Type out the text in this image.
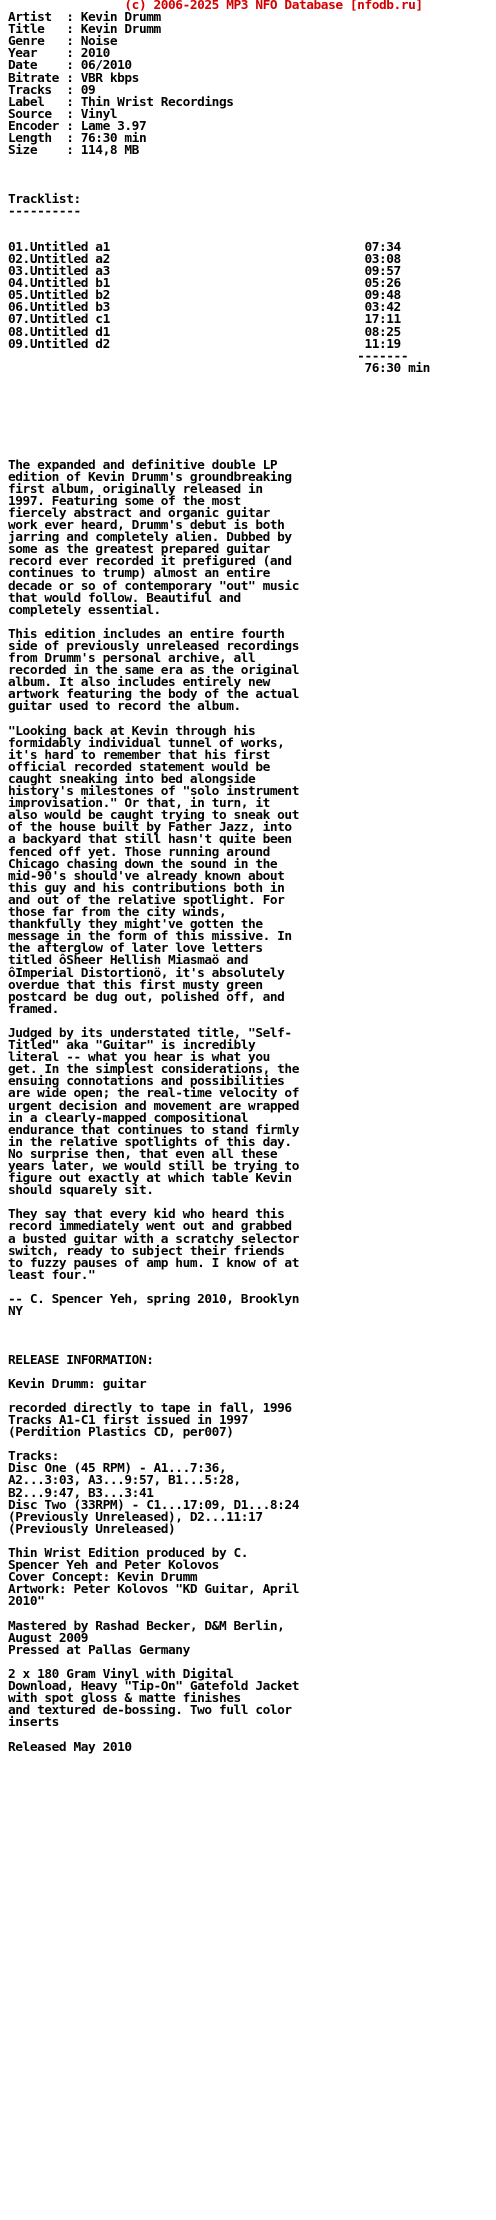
(c) 2006-2025 MP3 NFO Database [nfodb.ru]
Artist  : Kevin Drumm
Title   : Kevin Drumm
Genre   : Noise
Year    : 2010
Date    : 06/2010
Bitrate : VBR kbps
Tracks  : 09
Label   : Thin Wrist Recordings
Source  : Vinyl
Encoder : Lame 3.97
Length  : 76:30 min
Size    : 114,8 MB
Tracklist:
----------
01.Untitled a1                                   07:34
02.Untitled a2                                   03:08
03.Untitled a3                                   09:57
04.Untitled b1                                   05:26
05.Untitled b2                                   09:48
06.Untitled b3                                   03:42
07.Untitled c1                                   17:11
08.Untitled d1                                   08:25
09.Untitled d2                                   11:19
-------
76:30 min
The expanded and definitive double LP
edition of Kevin Drumm's groundbreaking
first album, originally released in
1997. Featuring some of the most
fiercely abstract and organic guitar
work ever heard, Drumm's debut is both
jarring and completely alien. Dubbed by
some as the greatest prepared guitar
record ever recorded it prefigured (and
continues to trump) almost an entire
decade or so of contemporary "out" music
that would follow. Beautiful and
completely essential.
This edition includes an entire fourth
side of previously unreleased recordings
from Drumm's personal archive, all
recorded in the same era as the original
album. It also includes entirely new
artwork featuring the body of the actual
guitar used to record the album.
"Looking back at Kevin through his
formidably individual tunnel of works,
it's hard to remember that his first
official recorded statement would be
caught sneaking into bed alongside
history's milestones of "solo instrument
improvisation." Or that, in turn, it
also would be caught trying to sneak out
of the house built by Father Jazz, into
a backyard that still hasn't quite been
fenced off yet. Those running around
Chicago chasing down the sound in the
mid-90's should've already known about
this guy and his contributions both in
and out of the relative spotlight. For
those far from the city winds,
thankfully they might've gotten the
message in the form of this missive. In
the afterglow of later love letters
titled ôSheer Hellish Miasmaö and
ôImperial Distortionö, it's absolutely
overdue that this first musty green
postcard be dug out, polished off, and
framed.
Judged by its understated title, "Self-
Titled" aka "Guitar" is incredibly
literal -- what you hear is what you
get. In the simplest considerations, the
ensuing connotations and possibilities
are wide open; the real-time velocity of
urgent decision and movement are wrapped
in a clearly-mapped compositional
endurance that continues to stand firmly
in the relative spotlights of this day.
No surprise then, that even all these
years later, we would still be trying to
figure out exactly at which table Kevin
should squarely sit.
They say that every kid who heard this
record immediately went out and grabbed
a busted guitar with a scratchy selector
switch, ready to subject their friends
to fuzzy pauses of amp hum. I know of at
least four."
-- C. Spencer Yeh, spring 2010, Brooklyn
NY
RELEASE INFORMATION:
Kevin Drumm: guitar
recorded directly to tape in fall, 1996
Tracks A1-C1 first issued in 1997
(Perdition Plastics CD, per007)
Tracks:
Disc One (45 RPM) - A1...7:36,
A2...3:03, A3...9:57, B1...5:28,
B2...9:47, B3...3:41
Disc Two (33RPM) - C1...17:09, D1...8:24
(Previously Unreleased), D2...11:17
(Previously Unreleased)
Thin Wrist Edition produced by C.
Spencer Yeh and Peter Kolovos
Cover Concept: Kevin Drumm
Artwork: Peter Kolovos "KD Guitar, April
2010"
Mastered by Rashad Becker, D&M Berlin,
August 2009
Pressed at Pallas Germany
2 x 180 Gram Vinyl with Digital
Download, Heavy "Tip-On" Gatefold Jacket
with spot gloss & matte finishes
and textured de-bossing. Two full color
inserts
Released May 2010
